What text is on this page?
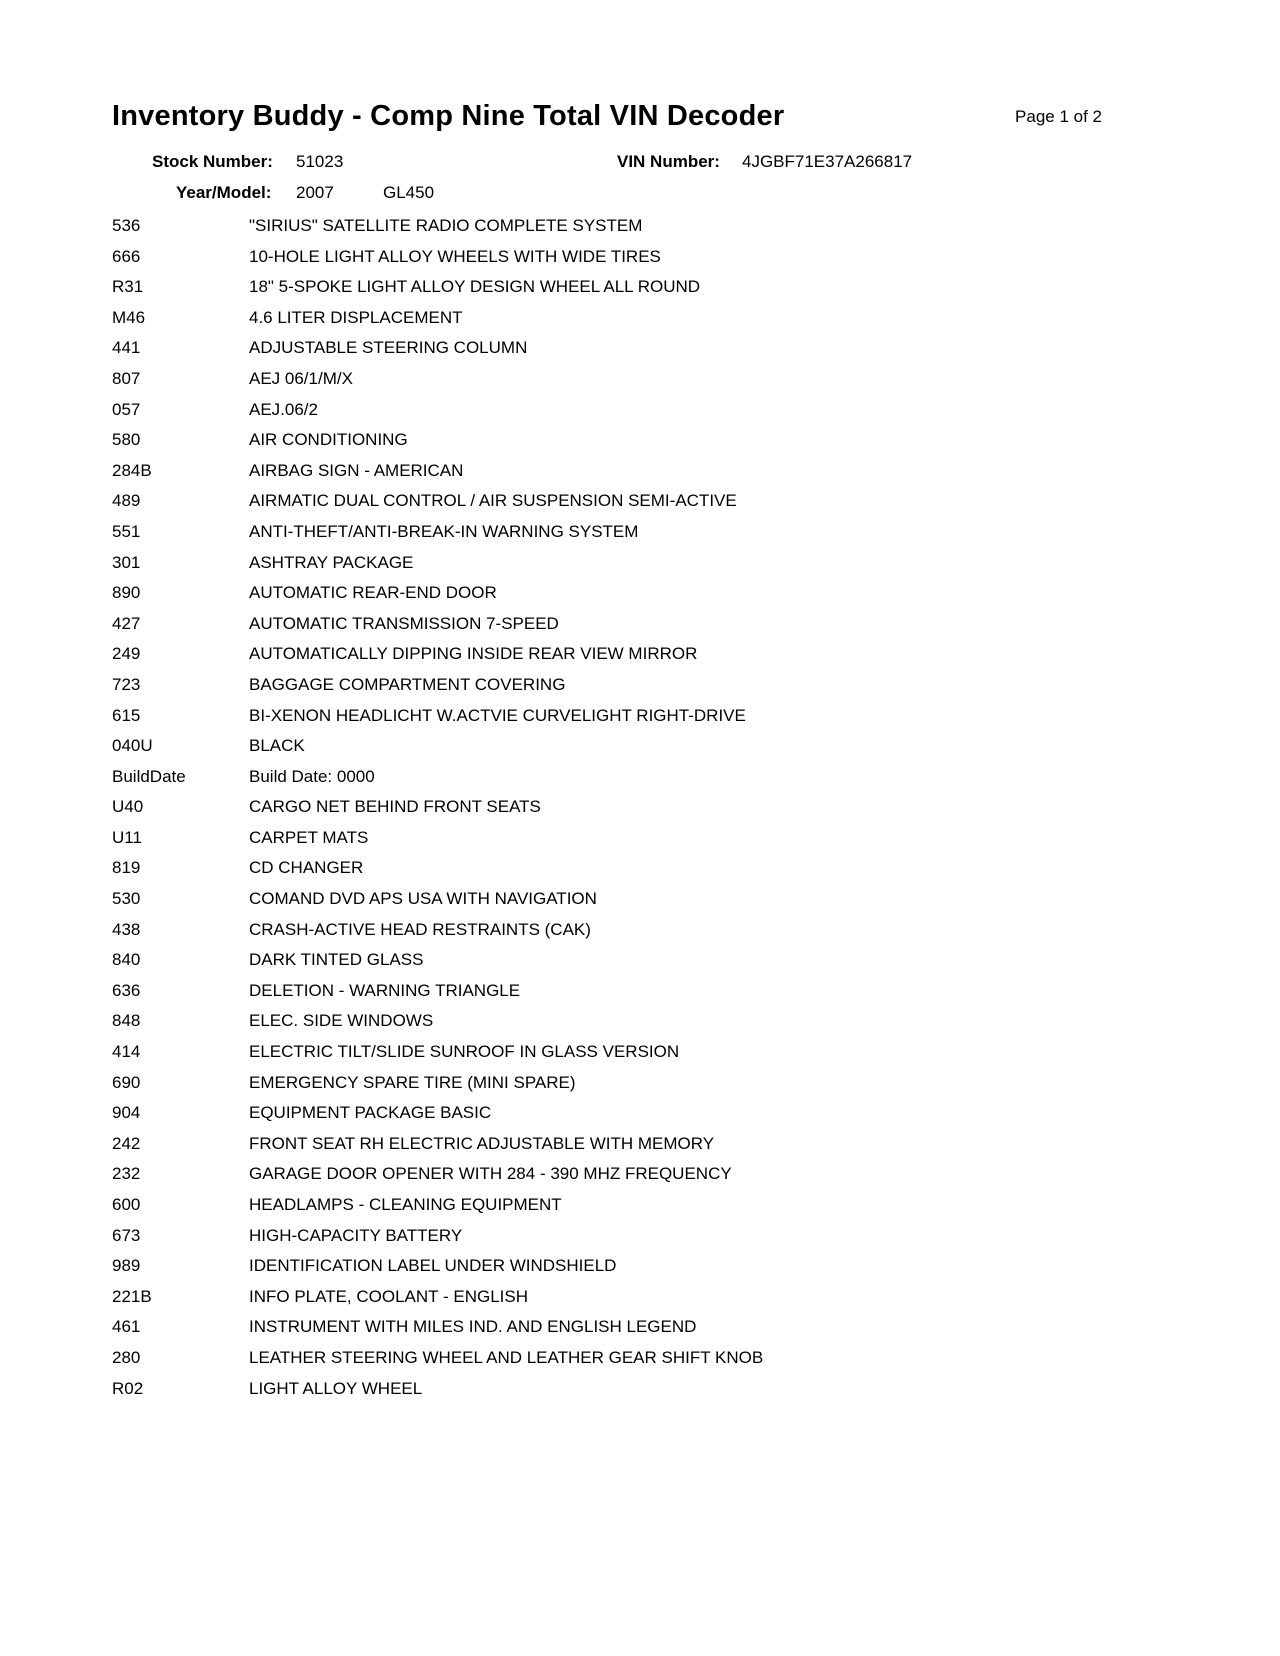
Inventory Buddy - Comp Nine Total VIN Decoder	Page 1 of 2
Stock Number: 51023	VIN Number: 4JGBF71E37A266817
Year/Model: 2007	GL450
536	"SIRIUS" SATELLITE RADIO COMPLETE SYSTEM
666	10-HOLE LIGHT ALLOY WHEELS WITH WIDE TIRES
R31	18" 5-SPOKE LIGHT ALLOY DESIGN WHEEL ALL ROUND
M46	4.6 LITER DISPLACEMENT
441	ADJUSTABLE STEERING COLUMN
807	AEJ 06/1/M/X
057	AEJ.06/2
580	AIR CONDITIONING
284B	AIRBAG SIGN - AMERICAN
489	AIRMATIC DUAL CONTROL / AIR SUSPENSION SEMI-ACTIVE
551	ANTI-THEFT/ANTI-BREAK-IN WARNING SYSTEM
301	ASHTRAY PACKAGE
890	AUTOMATIC REAR-END DOOR
427	AUTOMATIC TRANSMISSION 7-SPEED
249	AUTOMATICALLY DIPPING INSIDE REAR VIEW MIRROR
723	BAGGAGE COMPARTMENT COVERING
615	BI-XENON HEADLICHT W.ACTVIE CURVELIGHT RIGHT-DRIVE
040U	BLACK
BuildDate	Build Date: 0000
U40	CARGO NET BEHIND FRONT SEATS
U11	CARPET MATS
819	CD CHANGER
530	COMAND DVD APS USA WITH NAVIGATION
438	CRASH-ACTIVE HEAD RESTRAINTS (CAK)
840	DARK TINTED GLASS
636	DELETION - WARNING TRIANGLE
848	ELEC. SIDE WINDOWS
414	ELECTRIC TILT/SLIDE SUNROOF IN GLASS VERSION
690	EMERGENCY SPARE TIRE (MINI SPARE)
904	EQUIPMENT PACKAGE BASIC
242	FRONT SEAT RH ELECTRIC ADJUSTABLE WITH MEMORY
232	GARAGE DOOR OPENER WITH 284 - 390 MHZ FREQUENCY
600	HEADLAMPS - CLEANING EQUIPMENT
673	HIGH-CAPACITY BATTERY
989	IDENTIFICATION LABEL UNDER WINDSHIELD
221B	INFO PLATE, COOLANT - ENGLISH
461	INSTRUMENT WITH MILES IND. AND ENGLISH LEGEND
280	LEATHER STEERING WHEEL AND LEATHER GEAR SHIFT KNOB
R02	LIGHT ALLOY WHEEL
